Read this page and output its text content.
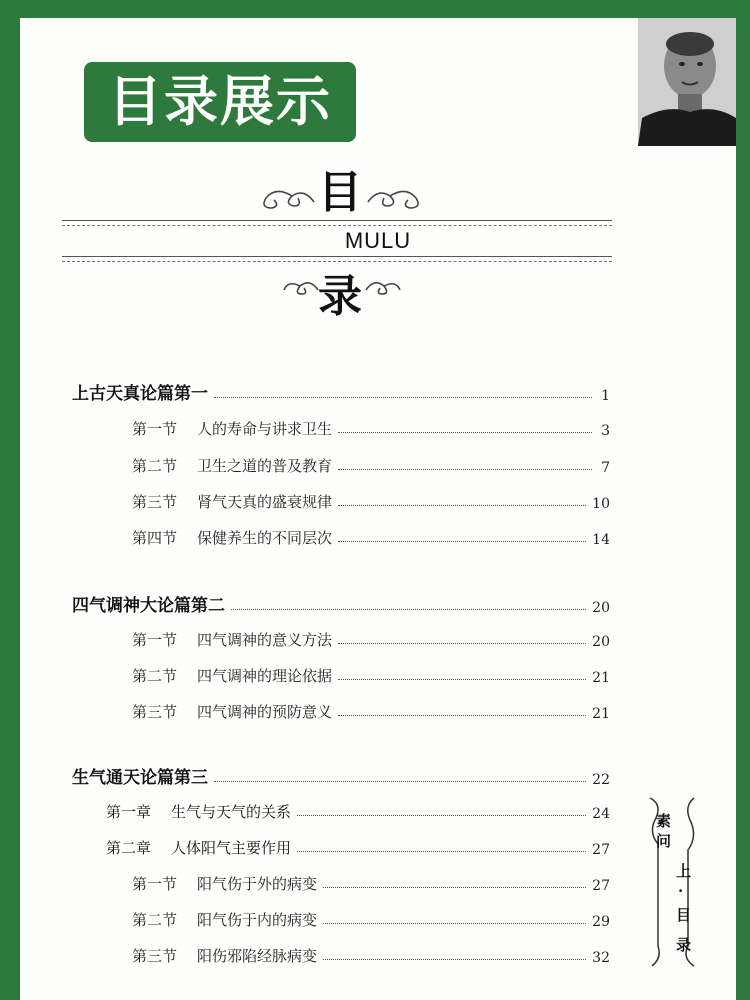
目录展示
目
MULU
录
上古天真论篇第一	1
第一节 人的寿命与讲求卫生	3
第二节 卫生之道的普及教育	7
第三节 肾气天真的盛衰规律	10
第四节 保健养生的不同层次	14
四气调神大论篇第二	20
第一节 四气调神的意义方法	20
第二节 四气调神的理论依据	21
第三节 四气调神的预防意义	21
生气通天论篇第三	22
第一章 生气与天气的关系	24
第二章 人体阳气主要作用	27
第一节 阳气伤于外的病变	27
第二节 阳气伤于内的病变	29
第三节 阳伤邪陷经脉病变	32
素
问
上
·
目
录
